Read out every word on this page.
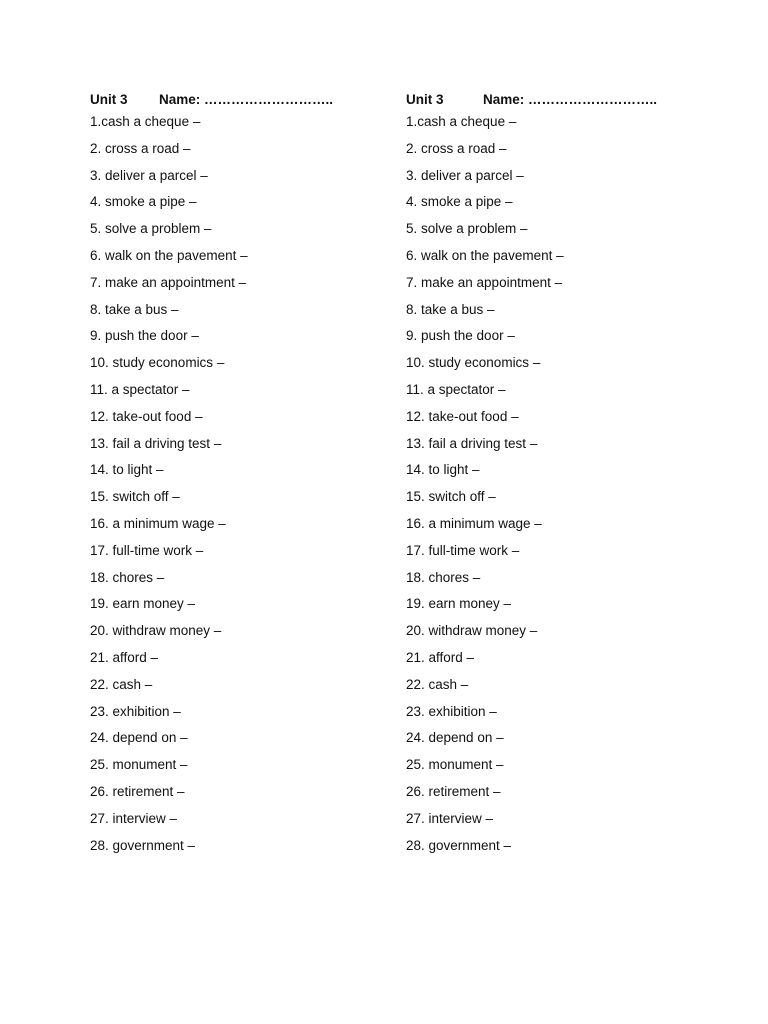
Unit 3 Name: ………………………..
1.cash a cheque –
2. cross a road –
3. deliver a parcel –
4. smoke a pipe –
5. solve a problem –
6. walk on the pavement –
7. make an appointment –
8. take a bus –
9. push the door –
10. study economics –
11. a spectator –
12. take-out food –
13. fail a driving test –
14. to light –
15. switch off –
16. a minimum wage –
17. full-time work –
18. chores –
19. earn money –
20. withdraw money –
21. afford –
22. cash –
23. exhibition –
24. depend on –
25. monument –
26. retirement –
27. interview –
28. government –
Unit 3	Name: ………………………..
1.cash a cheque –
2. cross a road –
3. deliver a parcel –
4. smoke a pipe –
5. solve a problem –
6. walk on the pavement –
7. make an appointment –
8. take a bus –
9. push the door –
10. study economics –
11. a spectator –
12. take-out food –
13. fail a driving test –
14. to light –
15. switch off –
16. a minimum wage –
17. full-time work –
18. chores –
19. earn money –
20. withdraw money –
21. afford –
22. cash –
23. exhibition –
24. depend on –
25. monument –
26. retirement –
27. interview –
28. government –
